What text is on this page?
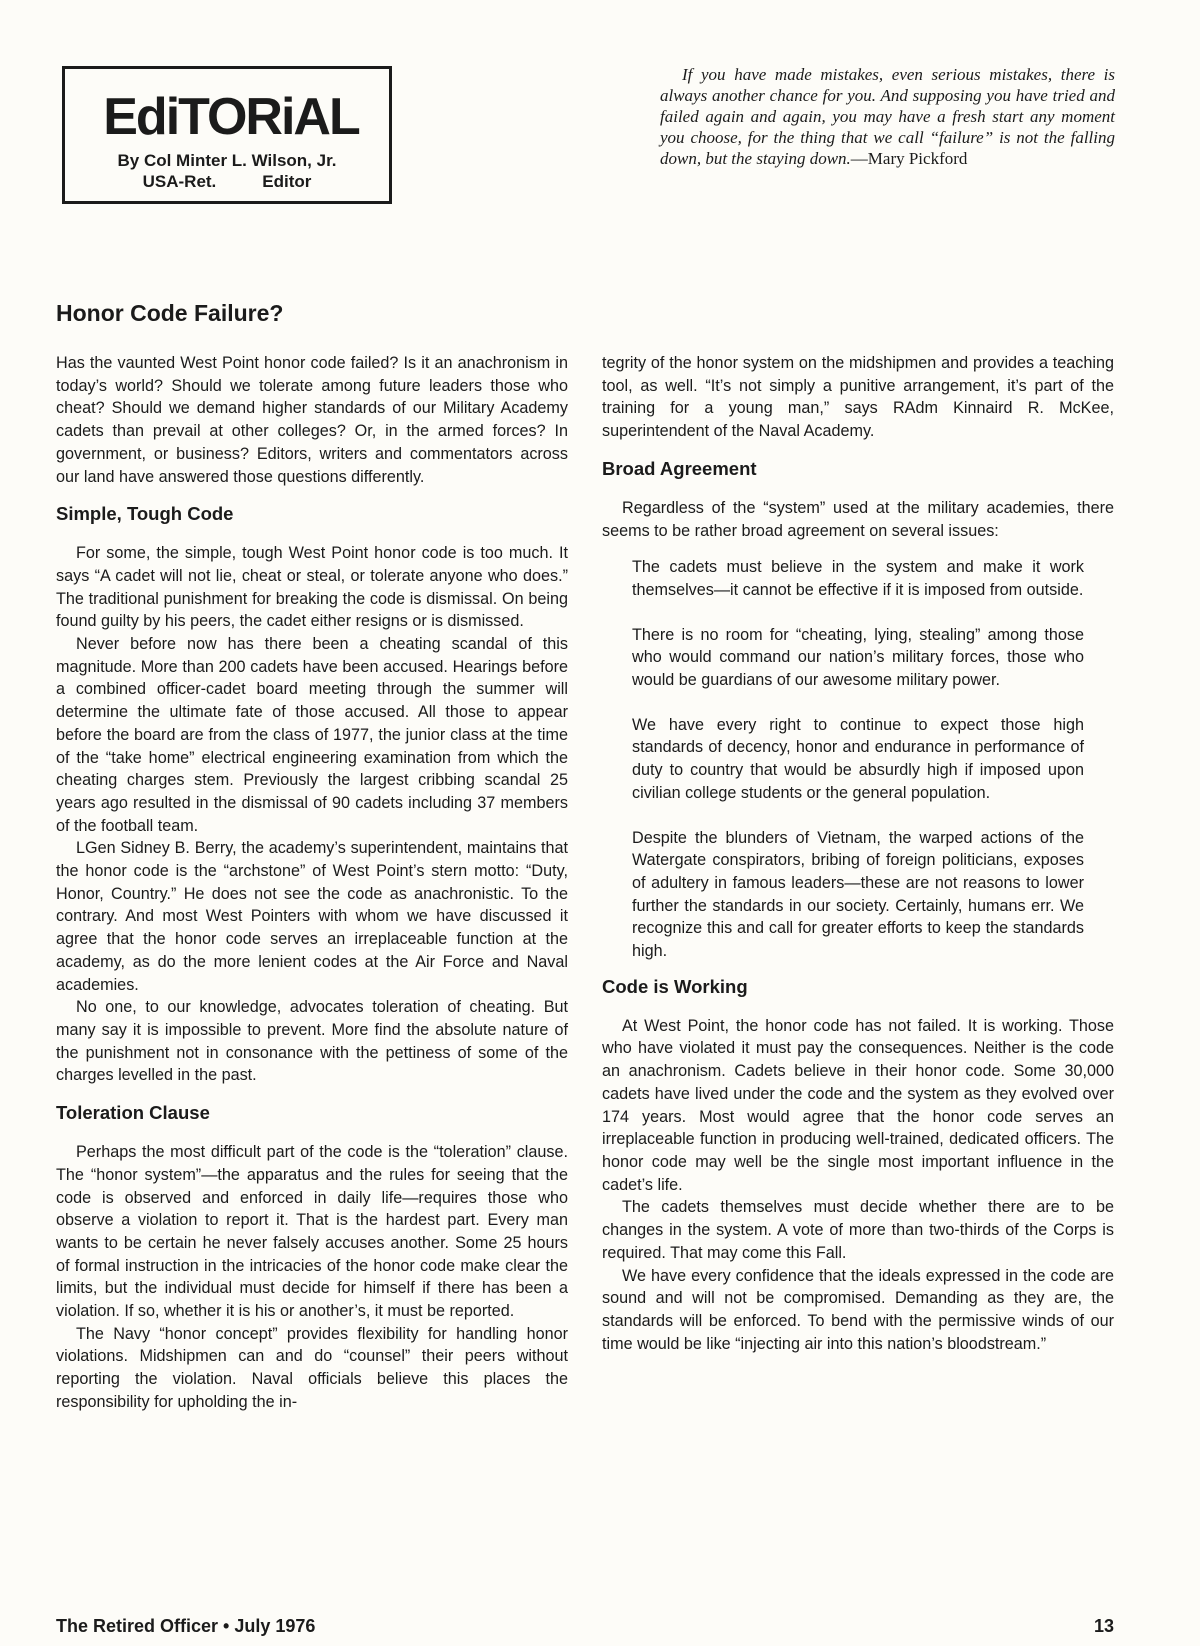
EdiTORiAL
By Col Minter L. Wilson, Jr.
USA-Ret.	Editor
If you have made mistakes, even serious mistakes, there is always another chance for you. And supposing you have tried and failed again and again, you may have a fresh start any moment you choose, for the thing that we call “failure” is not the falling down, but the staying down.—Mary Pickford
Honor Code Failure?

Has the vaunted West Point honor code failed? Is it an anachronism in today’s world? Should we tolerate among future leaders those who cheat? Should we demand higher standards of our Military Academy cadets than prevail at other colleges? Or, in the armed forces? In government, or business? Editors, writers and commentators across our land have answered those questions differently.

Simple, Tough Code

For some, the simple, tough West Point honor code is too much. It says “A cadet will not lie, cheat or steal, or tolerate anyone who does.” The traditional punishment for breaking the code is dismissal. On being found guilty by his peers, the cadet either resigns or is dismissed.

Never before now has there been a cheating scandal of this magnitude. More than 200 cadets have been accused. Hearings before a combined officer-cadet board meeting through the summer will determine the ultimate fate of those accused. All those to appear before the board are from the class of 1977, the junior class at the time of the “take home” electrical engineering examination from which the cheating charges stem. Previously the largest cribbing scandal 25 years ago resulted in the dismissal of 90 cadets including 37 members of the football team.

LGen Sidney B. Berry, the academy’s superintendent, maintains that the honor code is the “archstone” of West Point’s stern motto: “Duty, Honor, Country.” He does not see the code as anachronistic. To the contrary. And most West Pointers with whom we have discussed it agree that the honor code serves an irreplaceable function at the academy, as do the more lenient codes at the Air Force and Naval academies.

No one, to our knowledge, advocates toleration of cheating. But many say it is impossible to prevent. More find the absolute nature of the punishment not in consonance with the pettiness of some of the charges levelled in the past.

Toleration Clause

Perhaps the most difficult part of the code is the “toleration” clause. The “honor system”—the apparatus and the rules for seeing that the code is observed and enforced in daily life—requires those who observe a violation to report it. That is the hardest part. Every man wants to be certain he never falsely accuses another. Some 25 hours of formal instruction in the intricacies of the honor code make clear the limits, but the individual must decide for himself if there has been a violation. If so, whether it is his or another’s, it must be reported.

The Navy “honor concept” provides flexibility for handling honor violations. Midshipmen can and do “counsel” their peers without reporting the violation. Naval officials believe this places the responsibility for upholding the in-

tegrity of the honor system on the midshipmen and provides a teaching tool, as well. “It’s not simply a punitive arrangement, it’s part of the training for a young man,” says RAdm Kinnaird R. McKee, superintendent of the Naval Academy.

Broad Agreement

Regardless of the “system” used at the military academies, there seems to be rather broad agreement on several issues:

The cadets must believe in the system and make it work themselves—it cannot be effective if it is imposed from outside.

There is no room for “cheating, lying, stealing” among those who would command our nation’s military forces, those who would be guardians of our awesome military power.

We have every right to continue to expect those high standards of decency, honor and endurance in performance of duty to country that would be absurdly high if imposed upon civilian college students or the general population.

Despite the blunders of Vietnam, the warped actions of the Watergate conspirators, bribing of foreign politicians, exposes of adultery in famous leaders—these are not reasons to lower further the standards in our society. Certainly, humans err. We recognize this and call for greater efforts to keep the standards high.

Code is Working

At West Point, the honor code has not failed. It is working. Those who have violated it must pay the consequences. Neither is the code an anachronism. Cadets believe in their honor code. Some 30,000 cadets have lived under the code and the system as they evolved over 174 years. Most would agree that the honor code serves an irreplaceable function in producing well-trained, dedicated officers. The honor code may well be the single most important influence in the cadet’s life.

The cadets themselves must decide whether there are to be changes in the system. A vote of more than two-thirds of the Corps is required. That may come this Fall.

We have every confidence that the ideals expressed in the code are sound and will not be compromised. Demanding as they are, the standards will be enforced. To bend with the permissive winds of our time would be like “injecting air into this nation’s bloodstream.”

The Retired Officer • July 1976	13
